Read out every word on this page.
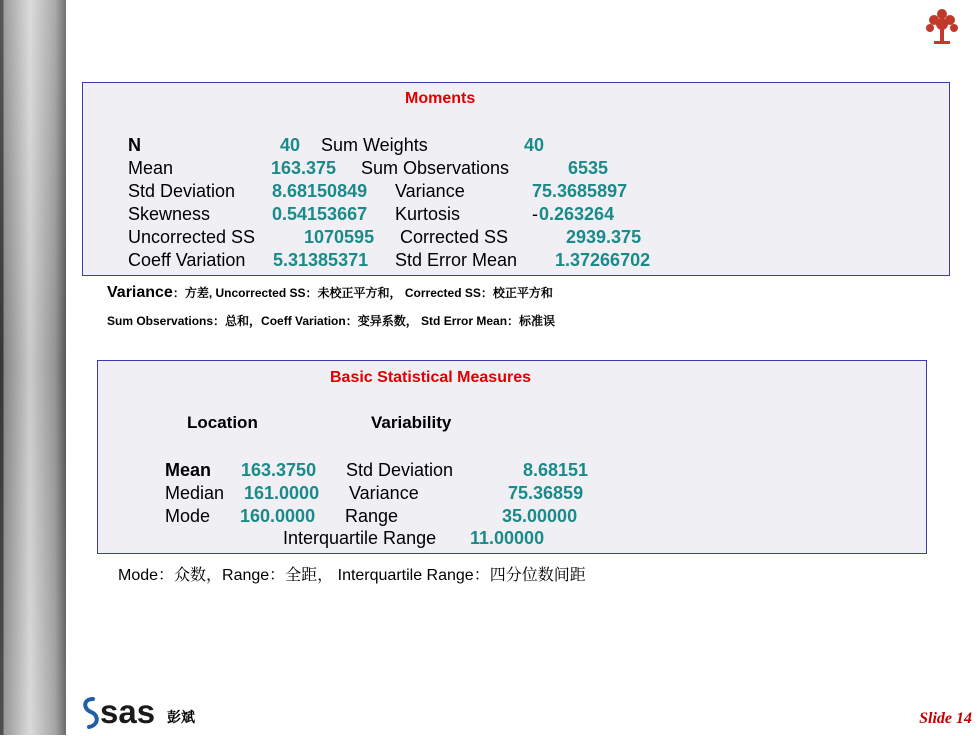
Moments
N	40 Sum Weights	40
Mean	163.375 Sum Observations	6535
Std Deviation 8.68150849 Variance	75.3685897
Skewness	0.54153667 Kurtosis	- 0.263264
Uncorrected SS	1070595 Corrected SS	2939.375
Coeff Variation 5.31385371 Std Error Mean 1.37266702
Variance：方差, Uncorrected SS：未校正平方和， Corrected SS：校正平方和
Sum Observations：总和，Coeff Variation：变异系数， Std Error Mean：标准误
Basic Statistical Measures
Location	Variability
Mean 163.3750 Std Deviation	8.68151
Median 161.0000 Variance	75.36859
Mode 160.0000 Range	35.00000
Interquartile Range 11.00000
Mode：众数，Range：全距， Interquartile Range：四分位数间距
sas 彭斌	Slide 14
